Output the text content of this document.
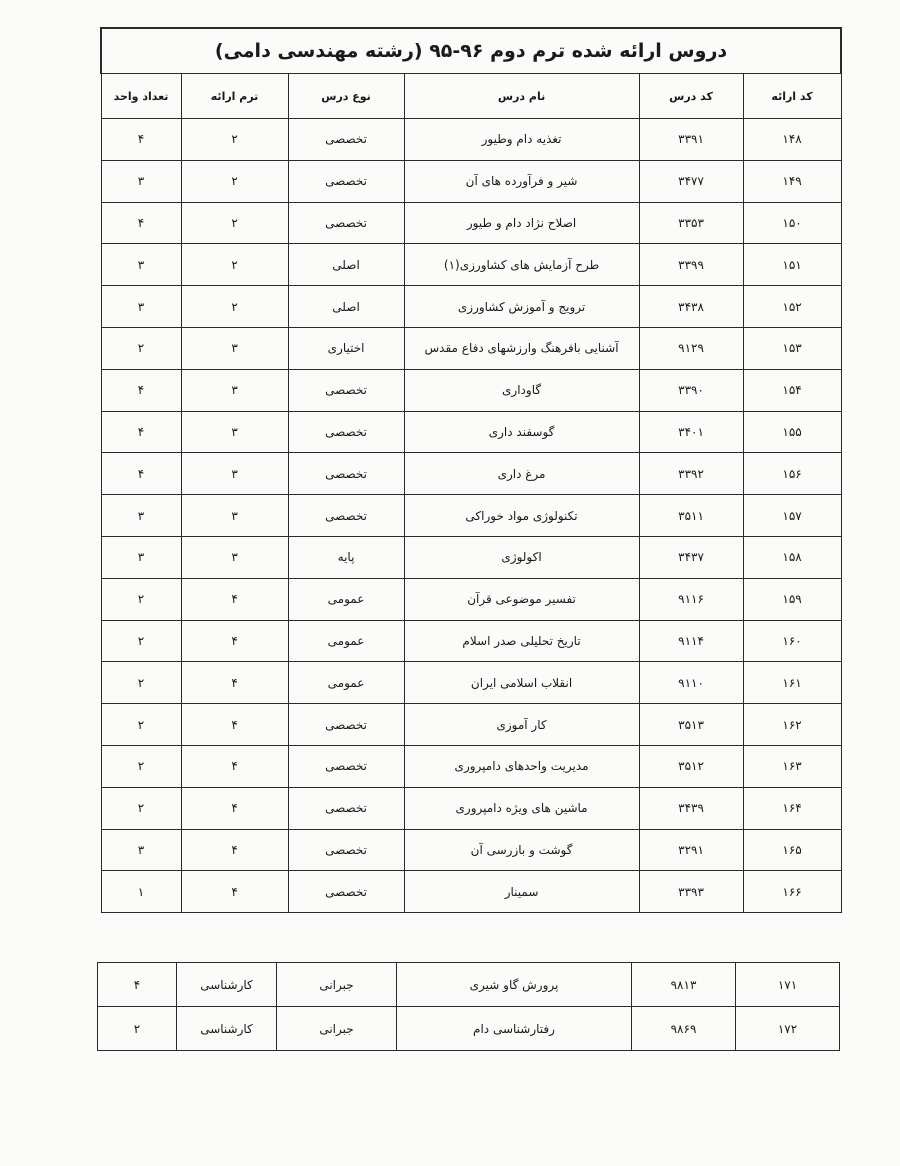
دروس ارائه شده ترم دوم ۹۶-۹۵ (رشته مهندسی دامی)					
کد ارائه	کد درس	نام درس	نوع درس	ترم ارائه	تعداد واحد
۱۴۸	۳۳۹۱	تغذیه دام وطیور	تخصصی	۲	۴
۱۴۹	۳۴۷۷	شیر و فرآورده های آن	تخصصی	۲	۳
۱۵۰	۳۳۵۳	اصلاح نژاد دام و طیور	تخصصی	۲	۴
۱۵۱	۳۳۹۹	طرح آزمایش های کشاورزی(۱)	اصلی	۲	۳
۱۵۲	۳۴۳۸	ترویج و آموزش کشاورزی	اصلی	۲	۳
۱۵۳	۹۱۲۹	آشنایی بافرهنگ وارزشهای دفاع مقدس	اختیاری	۳	۲
۱۵۴	۳۳۹۰	گاوداری	تخصصی	۳	۴
۱۵۵	۳۴۰۱	گوسفند داری	تخصصی	۳	۴
۱۵۶	۳۳۹۲	مرغ داری	تخصصی	۳	۴
۱۵۷	۳۵۱۱	تکنولوژی مواد خوراکی	تخصصی	۳	۳
۱۵۸	۳۴۳۷	اکولوژی	پایه	۳	۳
۱۵۹	۹۱۱۶	تفسیر موضوعی قرآن	عمومی	۴	۲
۱۶۰	۹۱۱۴	تاریخ تحلیلی صدر اسلام	عمومی	۴	۲
۱۶۱	۹۱۱۰	انقلاب اسلامی ایران	عمومی	۴	۲
۱۶۲	۳۵۱۳	کار آموزی	تخصصی	۴	۲
۱۶۳	۳۵۱۲	مدیریت واحدهای دامپروری	تخصصی	۴	۲
۱۶۴	۳۴۳۹	ماشین های ویژه دامپروری	تخصصی	۴	۲
۱۶۵	۳۲۹۱	گوشت و بازرسی آن	تخصصی	۴	۳
۱۶۶	۳۳۹۳	سمینار	تخصصی	۴	۱
۱۷۱	۹۸۱۳	پرورش گاو شیری	جبرانی	کارشناسی	۴
۱۷۲	۹۸۶۹	رفتارشناسی دام	جبرانی	کارشناسی	۲
